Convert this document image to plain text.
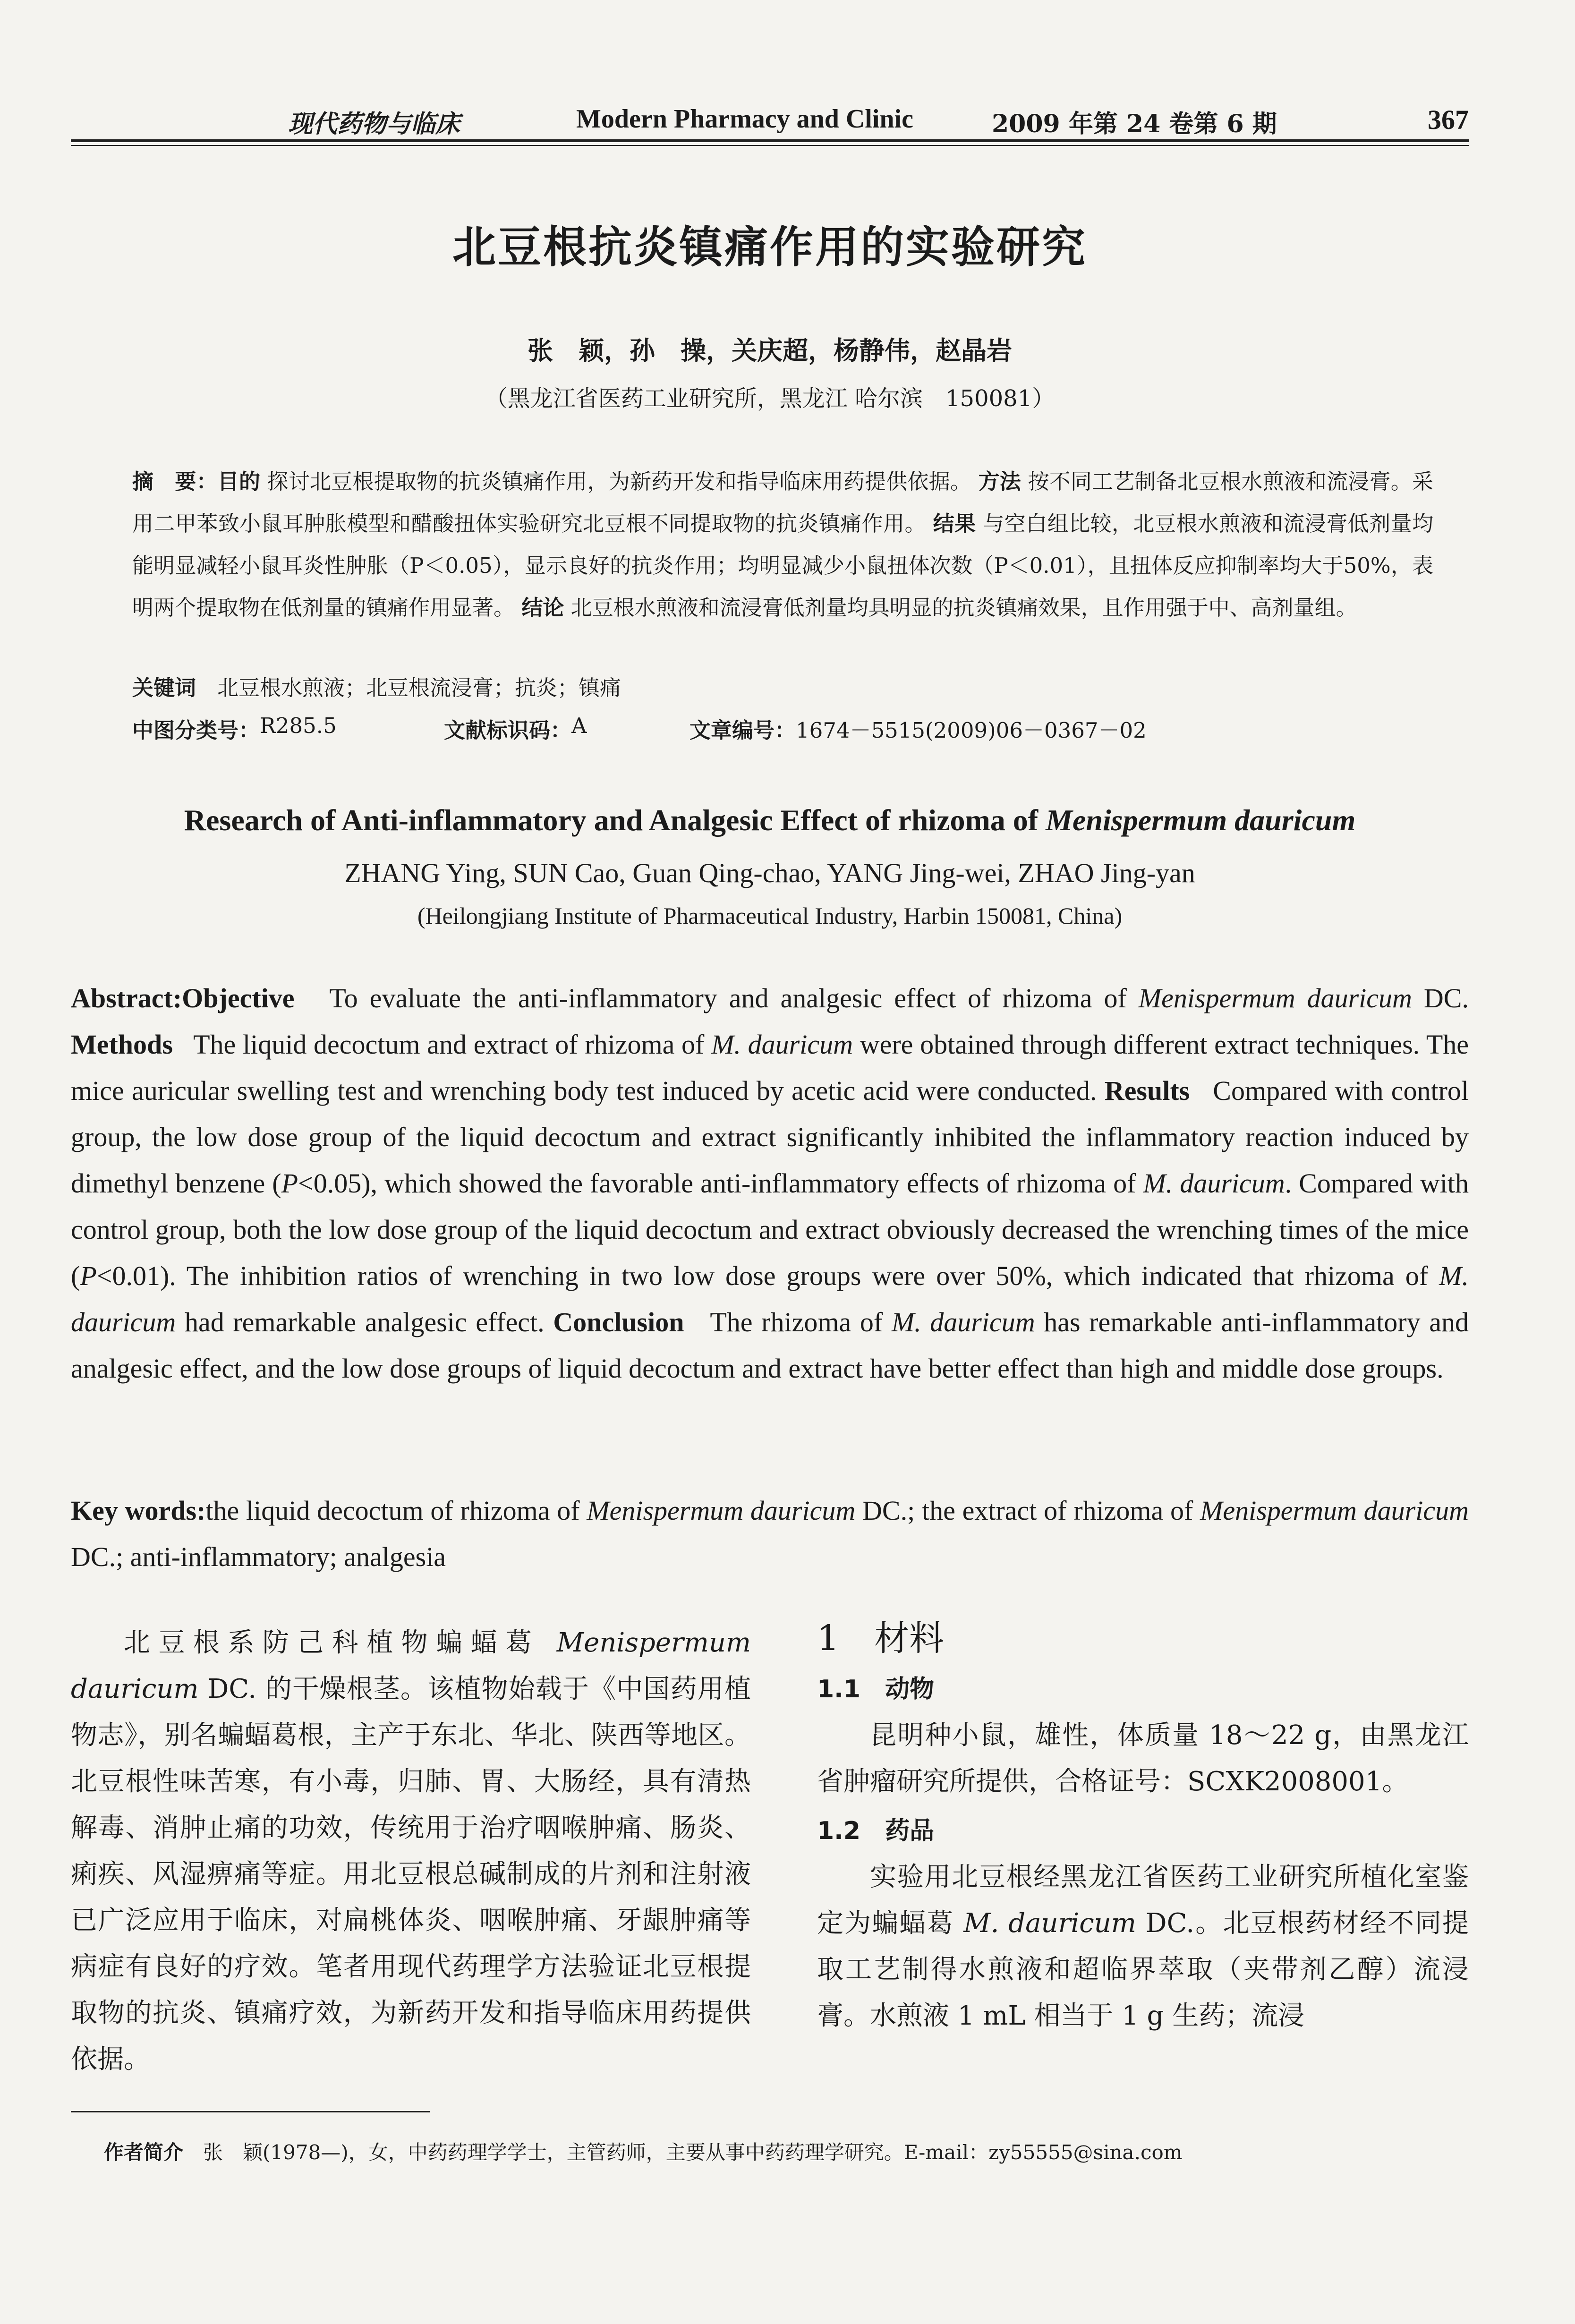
现代药物与临床	Modern Pharmacy and Clinic	2009 年第 24 卷第 6 期	367
北豆根抗炎镇痛作用的实验研究
张　颖，孙　操，关庆超，杨静伟，赵晶岩
（黑龙江省医药工业研究所，黑龙江 哈尔滨　150081）
摘　要：目的 探讨北豆根提取物的抗炎镇痛作用，为新药开发和指导临床用药提供依据。 方法 按不同工艺制备北豆根水煎液和流浸膏。采用二甲苯致小鼠耳肿胀模型和醋酸扭体实验研究北豆根不同提取物的抗炎镇痛作用。 结果 与空白组比较，北豆根水煎液和流浸膏低剂量均能明显减轻小鼠耳炎性肿胀（P＜0.05），显示良好的抗炎作用；均明显减少小鼠扭体次数（P＜0.01），且扭体反应抑制率均大于50%，表明两个提取物在低剂量的镇痛作用显著。 结论 北豆根水煎液和流浸膏低剂量均具明显的抗炎镇痛效果，且作用强于中、高剂量组。
关键词　 北豆根水煎液；北豆根流浸膏；抗炎；镇痛
中图分类号： R285.5	文献标识码： A	文章编号： 1674－5515(2009)06－0367－02
Research of Anti-inflammatory and Analgesic Effect of rhizoma of Menispermum dauricum
ZHANG Ying, SUN Cao, Guan Qing-chao, YANG Jing-wei, ZHAO Jing-yan
(Heilongjiang Institute of Pharmaceutical Industry, Harbin 150081, China)
Abstract:Objective To evaluate the anti-inflammatory and analgesic effect of rhizoma of Menispermum dauricum DC. Methods The liquid decoctum and extract of rhizoma of M. dauricum were obtained through different extract techniques. The mice auricular swelling test and wrenching body test induced by acetic acid were conducted. Results Compared with control group, the low dose group of the liquid decoctum and extract significantly inhibited the inflammatory reaction induced by dimethyl benzene (P<0.05), which showed the favorable anti-inflammatory effects of rhizoma of M. dauricum. Compared with control group, both the low dose group of the liquid decoctum and extract obviously decreased the wrenching times of the mice (P<0.01). The inhibition ratios of wrenching in two low dose groups were over 50%, which indicated that rhizoma of M. dauricum had remarkable analgesic effect. Conclusion The rhizoma of M. dauricum has remarkable anti-inflammatory and analgesic effect, and the low dose groups of liquid decoctum and extract have better effect than high and middle dose groups.
Key words:the liquid decoctum of rhizoma of Menispermum dauricum DC.; the extract of rhizoma of Menispermum dauricum DC.; anti-inflammatory; analgesia
北豆根系防己科植物蝙蝠葛 Menispermum dauricum DC. 的干燥根茎。该植物始载于《中国药用植物志》，别名蝙蝠葛根，主产于东北、华北、陕西等地区。北豆根性味苦寒，有小毒，归肺、胃、大肠经，具有清热解毒、消肿止痛的功效，传统用于治疗咽喉肿痛、肠炎、痢疾、风湿痹痛等症。用北豆根总碱制成的片剂和注射液已广泛应用于临床，对扁桃体炎、咽喉肿痛、牙龈肿痛等病症有良好的疗效。笔者用现代药理学方法验证北豆根提取物的抗炎、镇痛疗效，为新药开发和指导临床用药提供依据。
1　材料
1.1　动物

昆明种小鼠，雄性，体质量 18～22 g，由黑龙江省肿瘤研究所提供，合格证号：SCXK2008001。

1.2　药品

实验用北豆根经黑龙江省医药工业研究所植化室鉴定为蝙蝠葛 M. dauricum DC.。北豆根药材经不同提取工艺制得水煎液和超临界萃取（夹带剂乙醇）流浸膏。水煎液 1 mL 相当于 1 g 生药；流浸

作者简介　 张　颖(1978—)，女，中药药理学学士，主管药师，主要从事中药药理学研究。E-mail：zy55555@sina.com
